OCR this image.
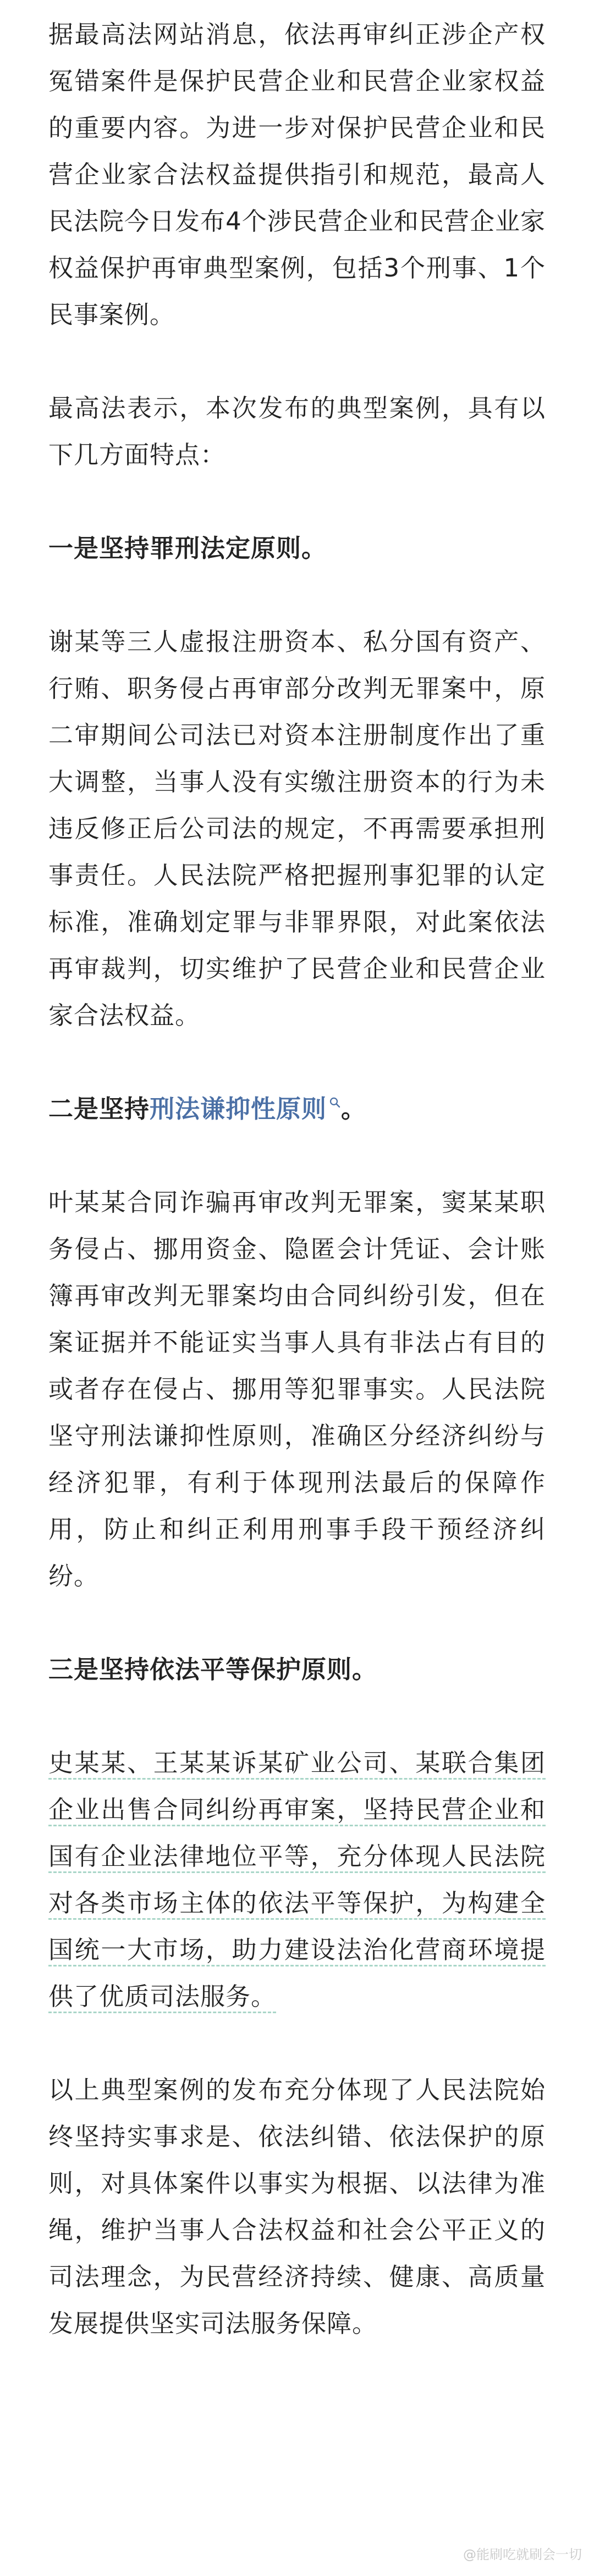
据最高法网站消息，依法再审纠正涉企产权冤错案件是保护民营企业和民营企业家权益的重要内容。为进一步对保护民营企业和民营企业家合法权益提供指引和规范，最高人民法院今日发布4个涉民营企业和民营企业家权益保护再审典型案例，包括3个刑事、1个民事案例。

最高法表示，本次发布的典型案例，具有以下几方面特点：

一是坚持罪刑法定原则。

谢某等三人虚报注册资本、私分国有资产、行贿、职务侵占再审部分改判无罪案中，原二审期间公司法已对资本注册制度作出了重大调整，当事人没有实缴注册资本的行为未违反修正后公司法的规定，不再需要承担刑事责任。人民法院严格把握刑事犯罪的认定标准，准确划定罪与非罪界限，对此案依法再审裁判，切实维护了民营企业和民营企业家合法权益。

二是坚持刑法谦抑性原则 。

叶某某合同诈骗再审改判无罪案，窦某某职务侵占、挪用资金、隐匿会计凭证、会计账簿再审改判无罪案均由合同纠纷引发，但在案证据并不能证实当事人具有非法占有目的或者存在侵占、挪用等犯罪事实。人民法院坚守刑法谦抑性原则，准确区分经济纠纷与经济犯罪，有利于体现刑法最后的保障作用，防止和纠正利用刑事手段干预经济纠纷。

三是坚持依法平等保护原则。

史某某、王某某诉某矿业公司、某联合集团企业出售合同纠纷再审案，坚持民营企业和国有企业法律地位平等，充分体现人民法院对各类市场主体的依法平等保护，为构建全国统一大市场，助力建设法治化营商环境提供了优质司法服务。

以上典型案例的发布充分体现了人民法院始终坚持实事求是、依法纠错、依法保护的原则，对具体案件以事实为根据、以法律为准绳，维护当事人合法权益和社会公平正义的司法理念，为民营经济持续、健康、高质量发展提供坚实司法服务保障。

@能刷吃就刷会一切
